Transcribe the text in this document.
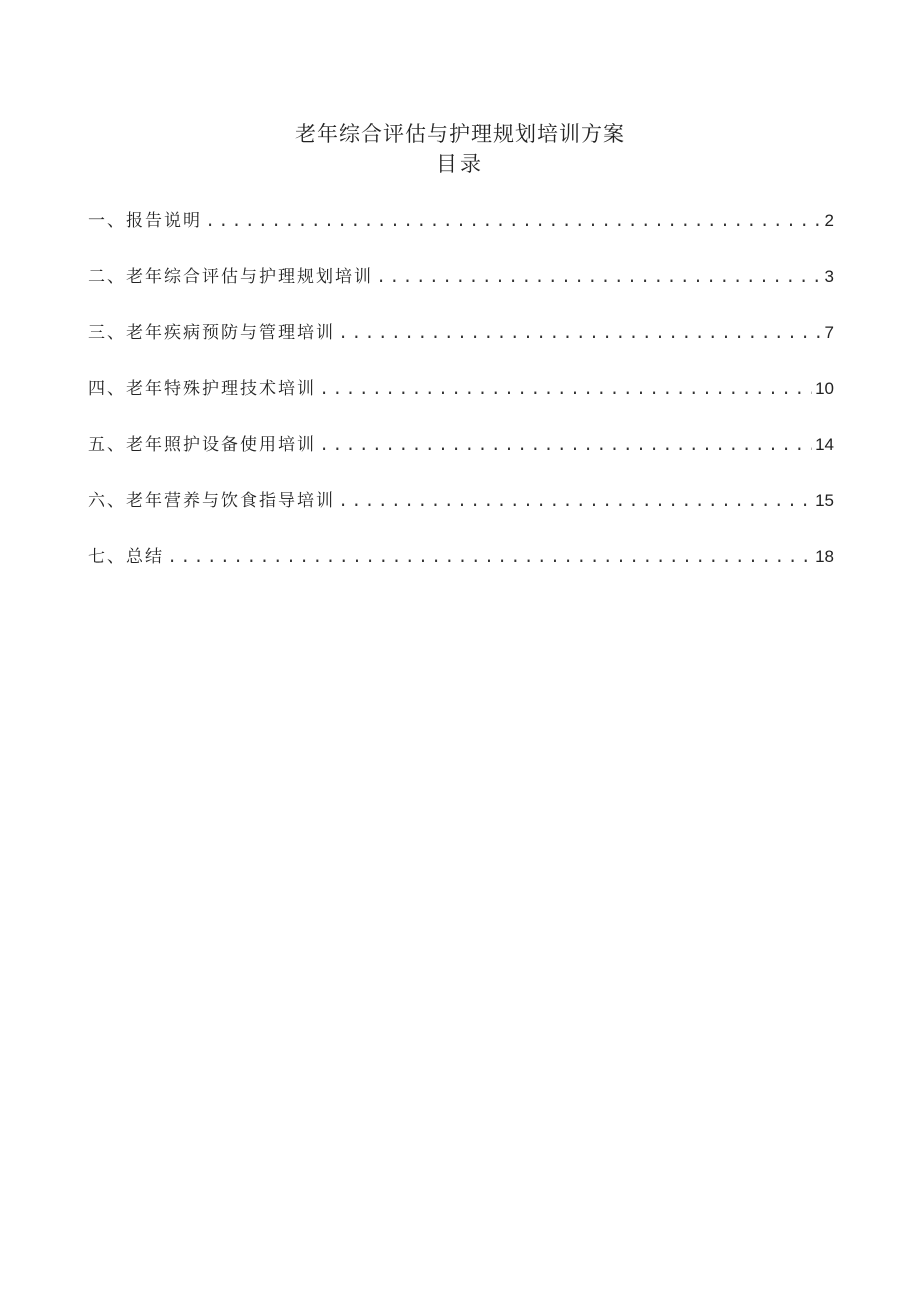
老年综合评估与护理规划培训方案
目录
一、报告说明 .....	2
二、老年综合评估与护理规划培训 .....	3
三、老年疾病预防与管理培训 .....	7
四、老年特殊护理技术培训 .....	10
五、老年照护设备使用培训 .....	14
六、老年营养与饮食指导培训 .....	15
七、总结 .....	18
